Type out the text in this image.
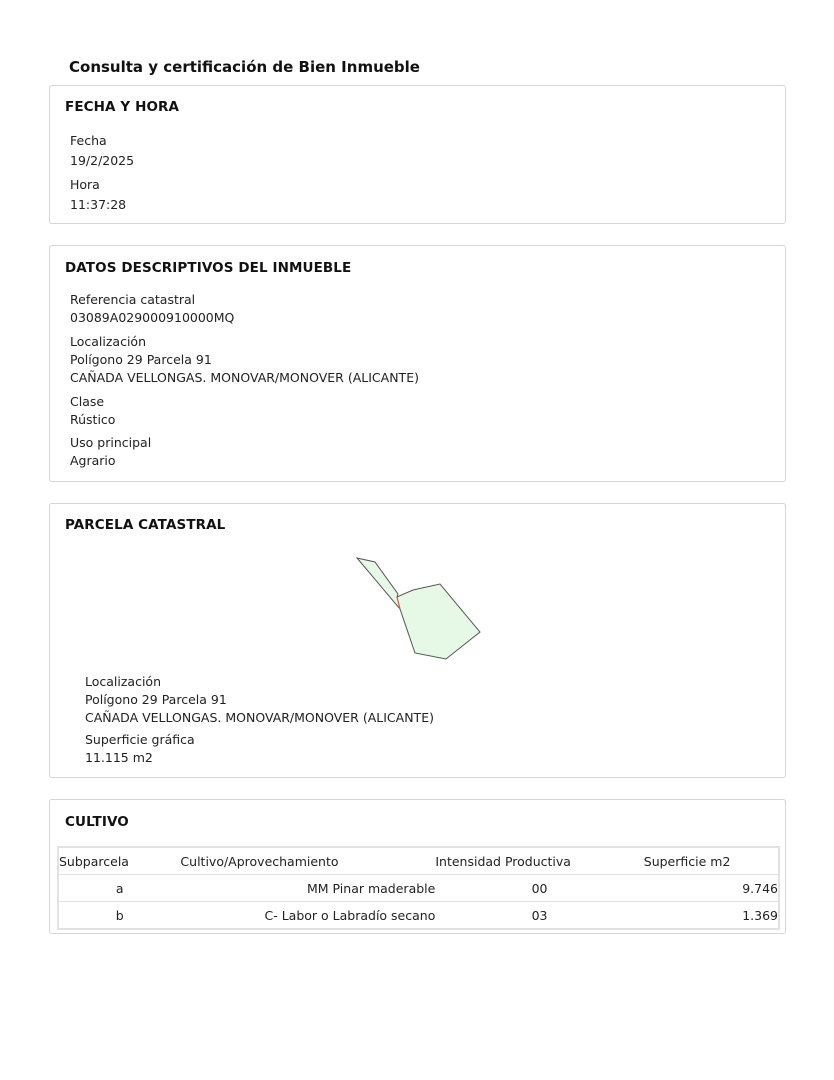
Consulta y certificación de Bien Inmueble
FECHA Y HORA
Fecha
19/2/2025
Hora
11:37:28
DATOS DESCRIPTIVOS DEL INMUEBLE
Referencia catastral
03089A029000910000MQ
Localización
Polígono 29 Parcela 91
CAÑADA VELLONGAS. MONOVAR/MONOVER (ALICANTE)
Clase
Rústico
Uso principal
Agrario
PARCELA CATASTRAL
Localización
Polígono 29 Parcela 91
CAÑADA VELLONGAS. MONOVAR/MONOVER (ALICANTE)
Superficie gráfica
11.115 m2
CULTIVO
Subparcela	Cultivo/Aprovechamiento	Intensidad Productiva	Superficie m2
a	MM Pinar maderable	00	9.746
b	C- Labor o Labradío secano	03	1.369
